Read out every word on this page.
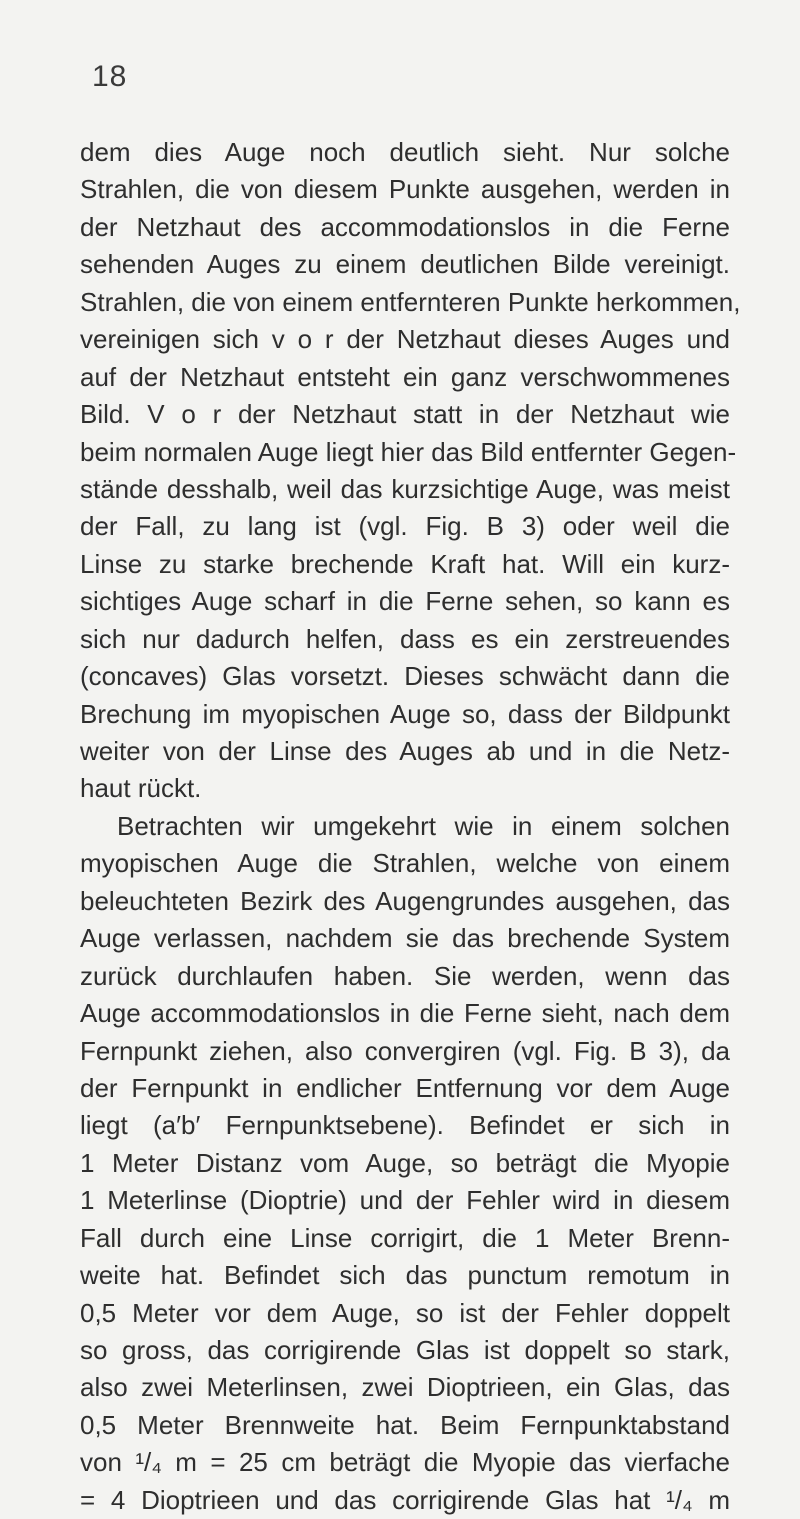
18
dem dies Auge noch deutlich sieht. Nur solche
Strahlen, die von diesem Punkte ausgehen, werden in
der Netzhaut des accommodationslos in die Ferne
sehenden Auges zu einem deutlichen Bilde vereinigt.
Strahlen, die von einem entfernteren Punkte herkommen,
vereinigen sich v o r der Netzhaut dieses Auges und
auf der Netzhaut entsteht ein ganz verschwommenes
Bild. V o r der Netzhaut statt in der Netzhaut wie
beim normalen Auge liegt hier das Bild entfernter Gegen-
stände desshalb, weil das kurzsichtige Auge, was meist
der Fall, zu lang ist (vgl. Fig. B 3) oder weil die
Linse zu starke brechende Kraft hat. Will ein kurz-
sichtiges Auge scharf in die Ferne sehen, so kann es
sich nur dadurch helfen, dass es ein zerstreuendes
(concaves) Glas vorsetzt. Dieses schwächt dann die
Brechung im myopischen Auge so, dass der Bildpunkt
weiter von der Linse des Auges ab und in die Netz-
haut rückt.
Betrachten wir umgekehrt wie in einem solchen
myopischen Auge die Strahlen, welche von einem
beleuchteten Bezirk des Augengrundes ausgehen, das
Auge verlassen, nachdem sie das brechende System
zurück durchlaufen haben. Sie werden, wenn das
Auge accommodationslos in die Ferne sieht, nach dem
Fernpunkt ziehen, also convergiren (vgl. Fig. B 3), da
der Fernpunkt in endlicher Entfernung vor dem Auge
liegt (a′b′ Fernpunktsebene). Befindet er sich in
1 Meter Distanz vom Auge, so beträgt die Myopie
1 Meterlinse (Dioptrie) und der Fehler wird in diesem
Fall durch eine Linse corrigirt, die 1 Meter Brenn-
weite hat. Befindet sich das punctum remotum in
0,5 Meter vor dem Auge, so ist der Fehler doppelt
so gross, das corrigirende Glas ist doppelt so stark,
also zwei Meterlinsen, zwei Dioptrieen, ein Glas, das
0,5 Meter Brennweite hat. Beim Fernpunktabstand
von ¹/₄ m = 25 cm beträgt die Myopie das vierfache
= 4 Dioptrieen und das corrigirende Glas hat ¹/₄ m
